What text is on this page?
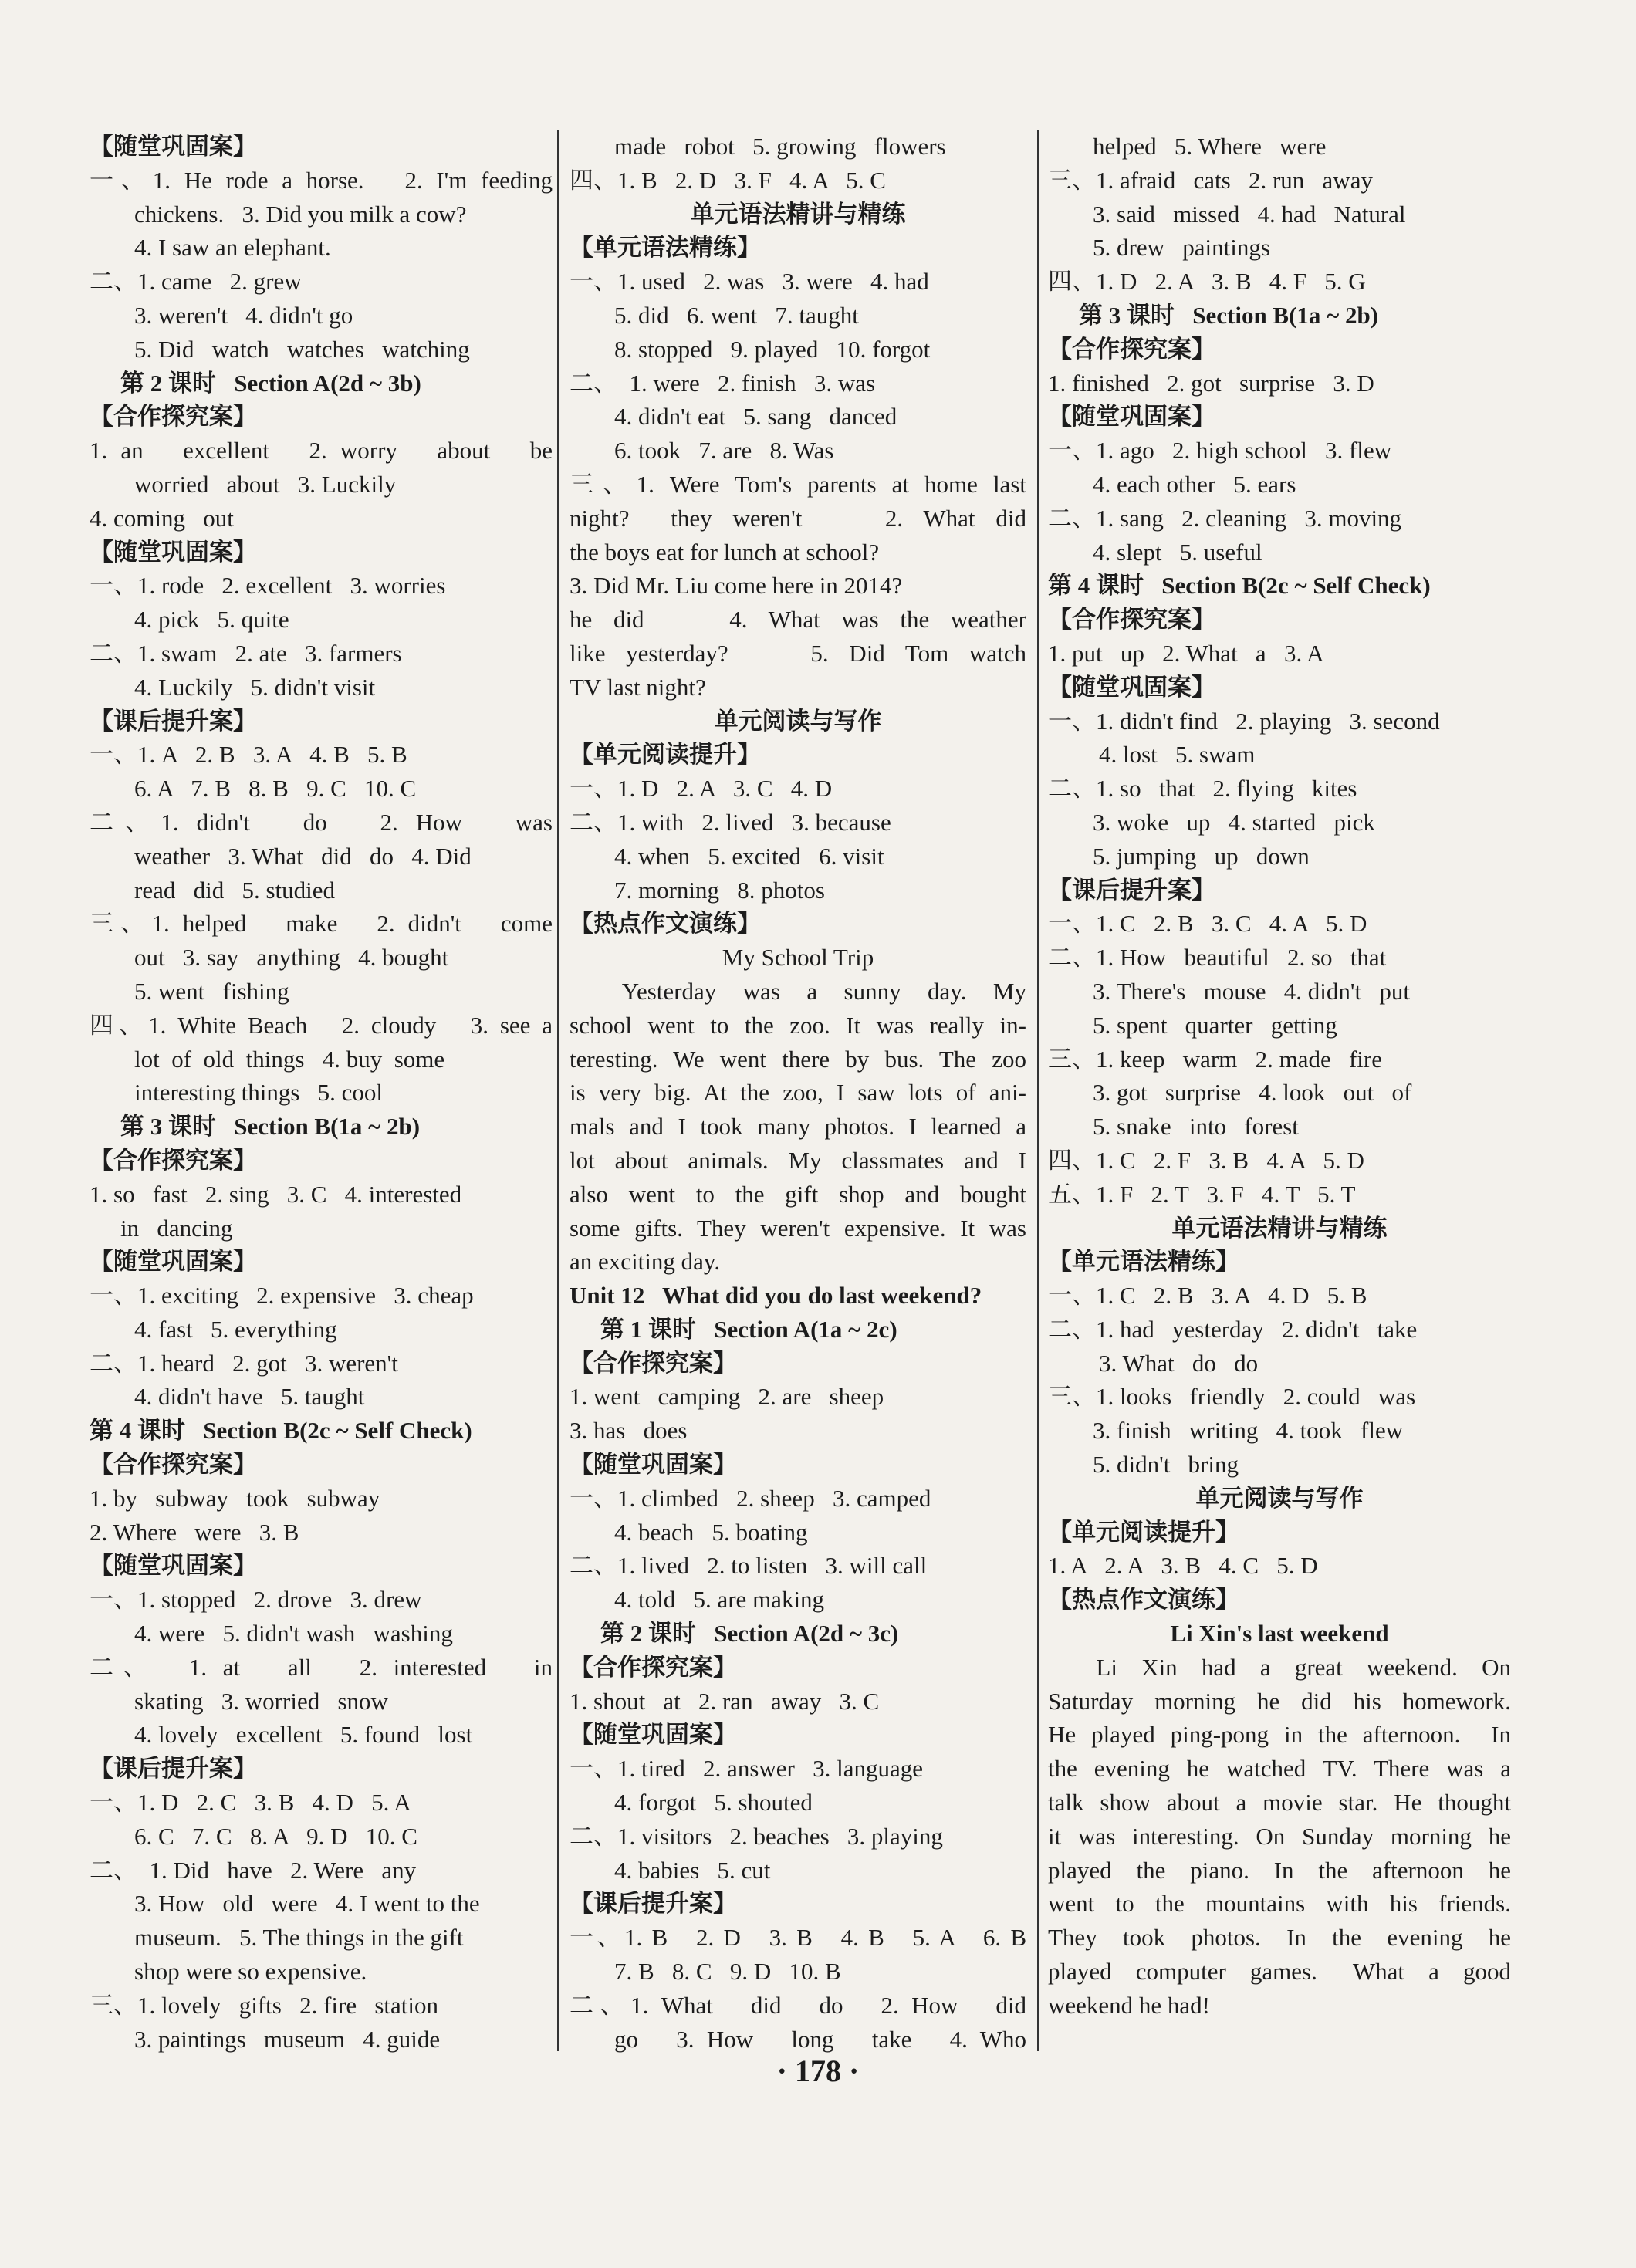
【随堂巩固案】
一、1. He rode a horse.   2. I'm feeding
chickens.   3. Did you milk a cow?
4. I saw an elephant.
二、1. came   2. grew
3. weren't   4. didn't go
5. Did   watch   watches   watching
第 2 课时   Section A(2d ~ 3b)
【合作探究案】
1. an   excellent   2. worry   about   be
worried   about   3. Luckily
4. coming   out
【随堂巩固案】
一、1. rode   2. excellent   3. worries
4. pick   5. quite
二、1. swam   2. ate   3. farmers
4. Luckily   5. didn't visit
【课后提升案】
一、1. A   2. B   3. A   4. B   5. B
6. A   7. B   8. B   9. C   10. C
二、1. didn't   do   2. How   was
weather   3. What   did   do   4. Did
read   did   5. studied
三、1. helped   make   2. didn't   come
out   3. say   anything   4. bought
5. went   fishing
四、1. White Beach   2. cloudy   3. see a
lot  of  old  things   4. buy  some
interesting things   5. cool
第 3 课时   Section B(1a ~ 2b)
【合作探究案】
1. so   fast   2. sing   3. C   4. interested
in   dancing
【随堂巩固案】
一、1. exciting   2. expensive   3. cheap
4. fast   5. everything
二、1. heard   2. got   3. weren't
4. didn't have   5. taught
第 4 课时   Section B(2c ~ Self Check)
【合作探究案】
1. by   subway   took   subway
2. Where   were   3. B
【随堂巩固案】
一、1. stopped   2. drove   3. drew
4. were   5. didn't wash   washing
二、  1. at   all   2. interested   in
skating   3. worried   snow
4. lovely   excellent   5. found   lost
【课后提升案】
一、1. D   2. C   3. B   4. D   5. A
6. C   7. C   8. A   9. D   10. C
二、  1. Did   have   2. Were   any
3. How   old   were   4. I went to the
museum.   5. The things in the gift
shop were so expensive.
三、1. lovely   gifts   2. fire   station
3. paintings   museum   4. guide
made   robot   5. growing   flowers
四、1. B   2. D   3. F   4. A   5. C
单元语法精讲与精练
【单元语法精练】
一、1. used   2. was   3. were   4. had
5. did   6. went   7. taught
8. stopped   9. played   10. forgot
二、  1. were   2. finish   3. was
4. didn't eat   5. sang   danced
6. took   7. are   8. Was
三、1. Were Tom's parents at home last
night?  they weren't    2. What did
the boys eat for lunch at school?
3. Did Mr. Liu come here in 2014?
he did    4. What was the weather
like yesterday?    5. Did Tom watch
TV last night?
单元阅读与写作
【单元阅读提升】
一、1. D   2. A   3. C   4. D
二、1. with   2. lived   3. because
4. when   5. excited   6. visit
7. morning   8. photos
【热点作文演练】
My School Trip
Yesterday  was  a  sunny  day.  My
school went to the zoo. It was really in-
teresting. We went there by bus. The zoo
is very big. At the zoo, I saw lots of ani-
mals and I took many photos. I learned a
lot about animals. My classmates and I
also went to the gift shop and bought
some gifts. They weren't expensive. It was
an exciting day.
Unit 12   What did you do last weekend?
第 1 课时   Section A(1a ~ 2c)
【合作探究案】
1. went   camping   2. are   sheep
3. has   does
【随堂巩固案】
一、1. climbed   2. sheep   3. camped
4. beach   5. boating
二、1. lived   2. to listen   3. will call
4. told   5. are making
第 2 课时   Section A(2d ~ 3c)
【合作探究案】
1. shout   at   2. ran   away   3. C
【随堂巩固案】
一、1. tired   2. answer   3. language
4. forgot   5. shouted
二、1. visitors   2. beaches   3. playing
4. babies   5. cut
【课后提升案】
一、1. B   2. D   3. B   4. B   5. A   6. B
7. B   8. C   9. D   10. B
二、1. What   did   do   2. How   did
go   3. How   long   take   4. Who
helped   5. Where   were
三、1. afraid   cats   2. run   away
3. said   missed   4. had   Natural
5. drew   paintings
四、1. D   2. A   3. B   4. F   5. G
第 3 课时   Section B(1a ~ 2b)
【合作探究案】
1. finished   2. got   surprise   3. D
【随堂巩固案】
一、1. ago   2. high school   3. flew
4. each other   5. ears
二、1. sang   2. cleaning   3. moving
4. slept   5. useful
第 4 课时   Section B(2c ~ Self Check)
【合作探究案】
1. put   up   2. What   a   3. A
【随堂巩固案】
一、1. didn't find   2. playing   3. second
4. lost   5. swam
二、1. so   that   2. flying   kites
3. woke   up   4. started   pick
5. jumping   up   down
【课后提升案】
一、1. C   2. B   3. C   4. A   5. D
二、1. How   beautiful   2. so   that
3. There's   mouse   4. didn't   put
5. spent   quarter   getting
三、1. keep   warm   2. made   fire
3. got   surprise   4. look   out   of
5. snake   into   forest
四、1. C   2. F   3. B   4. A   5. D
五、1. F   2. T   3. F   4. T   5. T
单元语法精讲与精练
【单元语法精练】
一、1. C   2. B   3. A   4. D   5. B
二、1. had   yesterday   2. didn't   take
3. What   do   do
三、1. looks   friendly   2. could   was
3. finish   writing   4. took   flew
5. didn't   bring
单元阅读与写作
【单元阅读提升】
1. A   2. A   3. B   4. C   5. D
【热点作文演练】
Li Xin's last weekend
Li  Xin  had  a  great  weekend.  On
Saturday morning he did his homework.
He played ping-pong in the afternoon.  In
the evening he watched TV. There was a
talk show about a movie star. He thought
it was interesting. On Sunday morning he
played  the  piano.  In  the  afternoon  he
went to the mountains with his friends.
They  took  photos.  In  the  evening  he
played  computer  games.   What  a  good
weekend he had!
· 178 ·
